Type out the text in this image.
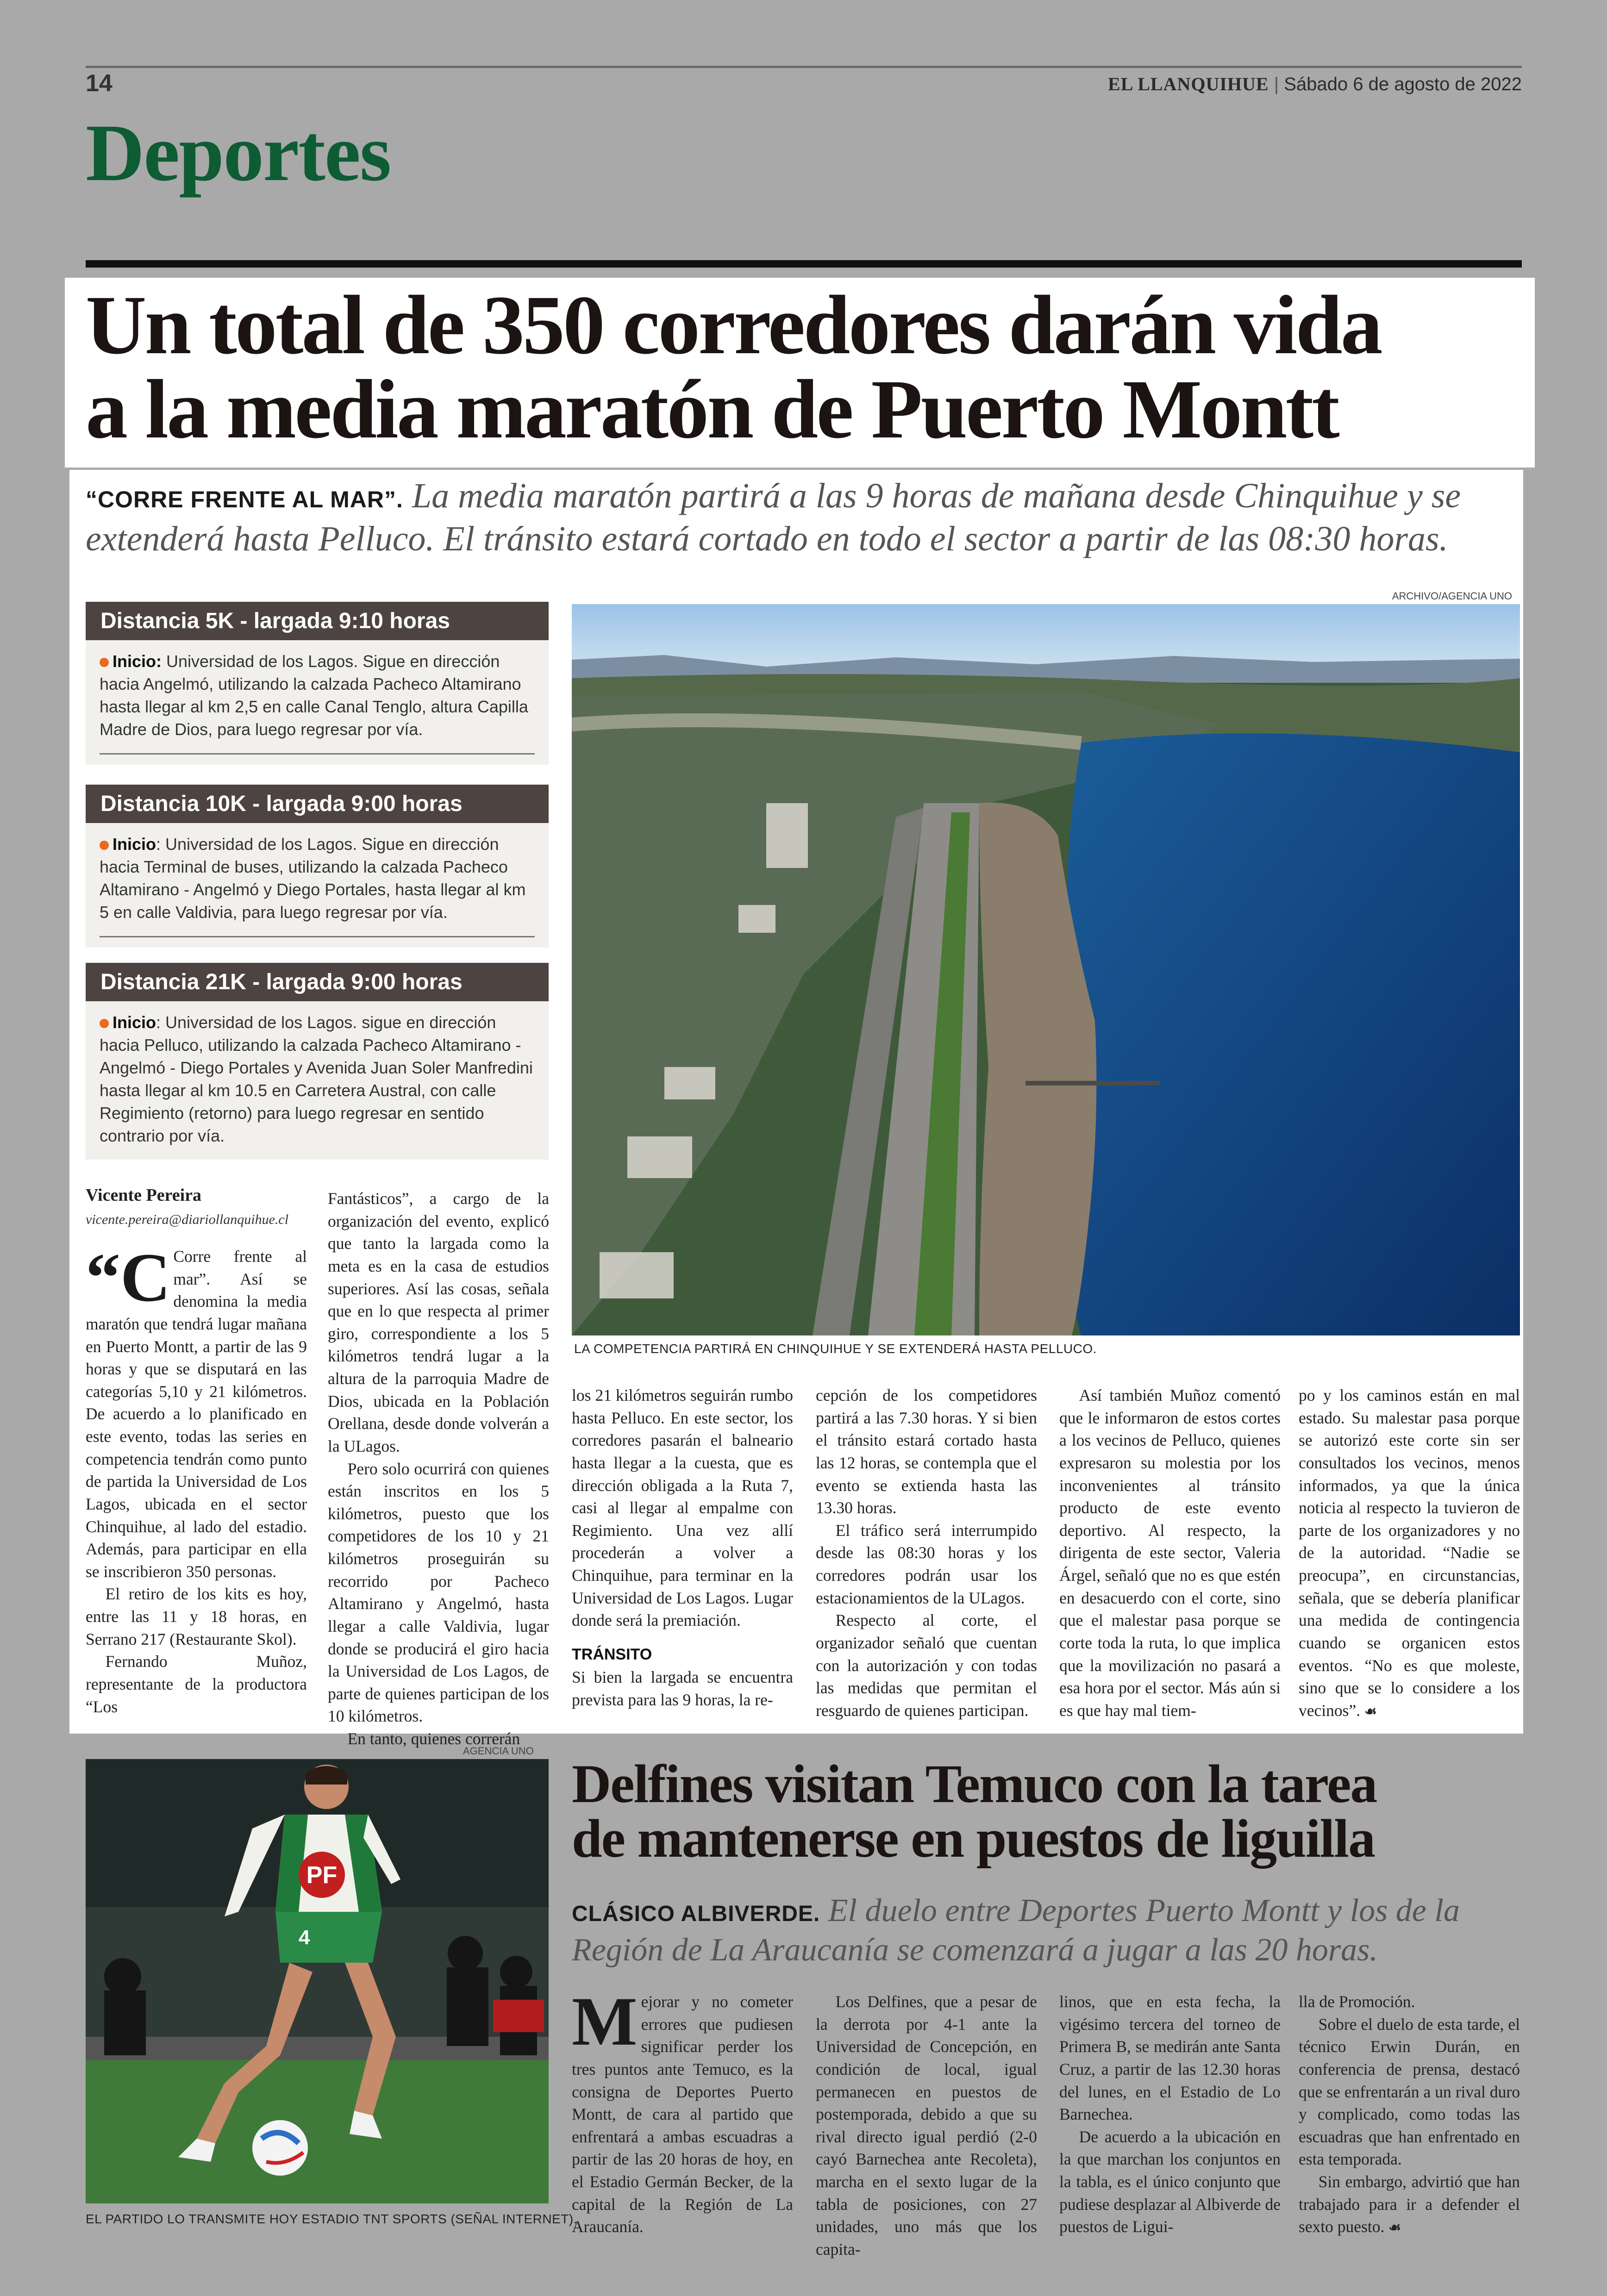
14	EL LLANQUIHUE | Sábado 6 de agosto de 2022
Deportes
Un total de 350 corredores darán vida
a la media maratón de Puerto Montt
“CORRE FRENTE AL MAR”. La media maratón partirá a las 9 horas de mañana desde Chinquihue y se extenderá hasta Pelluco. El tránsito estará cortado en todo el sector a partir de las 08:30 horas.
Distancia 5K - largada 9:10 horas
Inicio: Universidad de los Lagos. Sigue en dirección hacia Angelmó, utilizando la calzada Pacheco Altamirano hasta llegar al km 2,5 en calle Canal Tenglo, altura Capilla Madre de Dios, para luego regresar por vía.
Distancia 10K - largada 9:00 horas
Inicio: Universidad de los Lagos. Sigue en dirección hacia Terminal de buses, utilizando la calzada Pacheco Altamirano - Angelmó y Diego Portales, hasta llegar al km 5 en calle Valdivia, para luego regresar por vía.
Distancia 21K - largada 9:00 horas
Inicio: Universidad de los Lagos. sigue en dirección hacia Pelluco, utilizando la calzada Pacheco Altamirano - Angelmó - Diego Portales y Avenida Juan Soler Manfredini hasta llegar al km 10.5 en Carretera Austral, con calle Regimiento (retorno) para luego regresar en sentido contrario por vía.
ARCHIVO/AGENCIA UNO
LA COMPETENCIA PARTIRÁ EN CHINQUIHUE Y SE EXTENDERÁ HASTA PELLUCO.
Vicente Pereira
vicente.pereira@diariollanquihue.cl

“C Corre frente al mar”. Así se denomina la media maratón que tendrá lugar mañana en Puerto Montt, a partir de las 9 horas y que se disputará en las categorías 5,10 y 21 kilómetros. De acuerdo a lo planificado en este evento, todas las series en competencia tendrán como punto de partida la Universidad de Los Lagos, ubicada en el sector Chinquihue, al lado del estadio. Además, para participar en ella se inscribieron 350 personas.

El retiro de los kits es hoy, entre las 11 y 18 horas, en Serrano 217 (Restaurante Skol).

Fernando Muñoz, representante de la productora “Los

Fantásticos”, a cargo de la organización del evento, explicó que tanto la largada como la meta es en la casa de estudios superiores. Así las cosas, señala que en lo que respecta al primer giro, correspondiente a los 5 kilómetros tendrá lugar a la altura de la parroquia Madre de Dios, ubicada en la Población Orellana, desde donde volverán a la ULagos.

Pero solo ocurrirá con quienes están inscritos en los 5 kilómetros, puesto que los competidores de los 10 y 21 kilómetros proseguirán su recorrido por Pacheco Altamirano y Angelmó, hasta llegar a calle Valdivia, lugar donde se producirá el giro hacia la Universidad de Los Lagos, de parte de quienes participan de los 10 kilómetros.

En tanto, quienes correrán

los 21 kilómetros seguirán rumbo hasta Pelluco. En este sector, los corredores pasarán el balneario hasta llegar a la cuesta, que es dirección obligada a la Ruta 7, casi al llegar al empalme con Regimiento. Una vez allí procederán a volver a Chinquihue, para terminar en la Universidad de Los Lagos. Lugar donde será la premiación.

TRÁNSITO

Si bien la largada se encuentra prevista para las 9 horas, la re-

cepción de los competidores partirá a las 7.30 horas. Y si bien el tránsito estará cortado hasta las 12 horas, se contempla que el evento se extienda hasta las 13.30 horas.

El tráfico será interrumpido desde las 08:30 horas y los corredores podrán usar los estacionamientos de la ULagos.

Respecto al corte, el organizador señaló que cuentan con la autorización y con todas las medidas que permitan el resguardo de quienes participan.

Así también Muñoz comentó que le informaron de estos cortes a los vecinos de Pelluco, quienes expresaron su molestia por los inconvenientes al tránsito producto de este evento deportivo. Al respecto, la dirigenta de este sector, Valeria Árgel, señaló que no es que estén en desacuerdo con el corte, sino que el malestar pasa porque se corte toda la ruta, lo que implica que la movilización no pasará a esa hora por el sector. Más aún si es que hay mal tiem-

po y los caminos están en mal estado. Su malestar pasa porque se autorizó este corte sin ser consultados los vecinos, menos informados, ya que la única noticia al respecto la tuvieron de parte de los organizadores y no de la autoridad. “Nadie se preocupa”, en circunstancias, señala, que se debería planificar una medida de contingencia cuando se organicen estos eventos. “No es que moleste, sino que se lo considere a los vecinos”. ☙

AGENCIA UNO
PF
4
EL PARTIDO LO TRANSMITE HOY ESTADIO TNT SPORTS (SEÑAL INTERNET).
Delfines visitan Temuco con la tarea
de mantenerse en puestos de liguilla
CLÁSICO ALBIVERDE. El duelo entre Deportes Puerto Montt y los de la Región de La Araucanía se comenzará a jugar a las 20 horas.

Mejorar y no cometer errores que pudiesen significar perder los tres puntos ante Temuco, es la consigna de Deportes Puerto Montt, de cara al partido que enfrentará a ambas escuadras a partir de las 20 horas de hoy, en el Estadio Germán Becker, de la capital de la Región de La Araucanía.

Los Delfines, que a pesar de la derrota por 4-1 ante la Universidad de Concepción, en condición de local, igual permanecen en puestos de postemporada, debido a que su rival directo igual perdió (2-0 cayó Barnechea ante Recoleta), marcha en el sexto lugar de la tabla de posiciones, con 27 unidades, uno más que los capita-

linos, que en esta fecha, la vigésimo tercera del torneo de Primera B, se medirán ante Santa Cruz, a partir de las 12.30 horas del lunes, en el Estadio de Lo Barnechea.

De acuerdo a la ubicación en la que marchan los conjuntos en la tabla, es el único conjunto que pudiese desplazar al Albiverde de puestos de Ligui-

lla de Promoción.

Sobre el duelo de esta tarde, el técnico Erwin Durán, en conferencia de prensa, destacó que se enfrentarán a un rival duro y complicado, como todas las escuadras que han enfrentado en esta temporada.

Sin embargo, advirtió que han trabajado para ir a defender el sexto puesto. ☙
